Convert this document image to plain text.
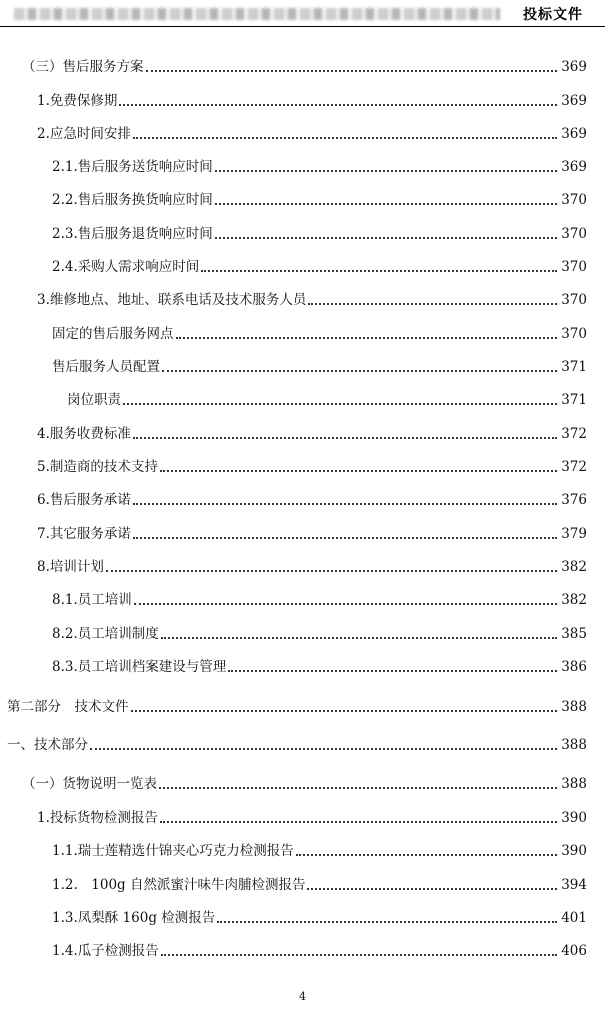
投标文件
（三）售后服务方案	369
1.免费保修期	369
2.应急时间安排	369
2.1.售后服务送货响应时间	369
2.2.售后服务换货响应时间	370
2.3.售后服务退货响应时间	370
2.4.采购人需求响应时间	370
3.维修地点、地址、联系电话及技术服务人员	370
固定的售后服务网点	370
售后服务人员配置	371
岗位职责	371
4.服务收费标准	372
5.制造商的技术支持	372
6.售后服务承诺	376
7.其它服务承诺	379
8.培训计划	382
8.1.员工培训	382
8.2.员工培训制度	385
8.3.员工培训档案建设与管理	386
第二部分　技术文件	388
一、技术部分	388
（一）货物说明一览表	388
1.投标货物检测报告	390
1.1.瑞士莲精选什锦夹心巧克力检测报告	390
1.2.　100g 自然派蜜汁味牛肉脯检测报告	394
1.3.凤梨酥 160g 检测报告	401
1.4.瓜子检测报告	406
4
